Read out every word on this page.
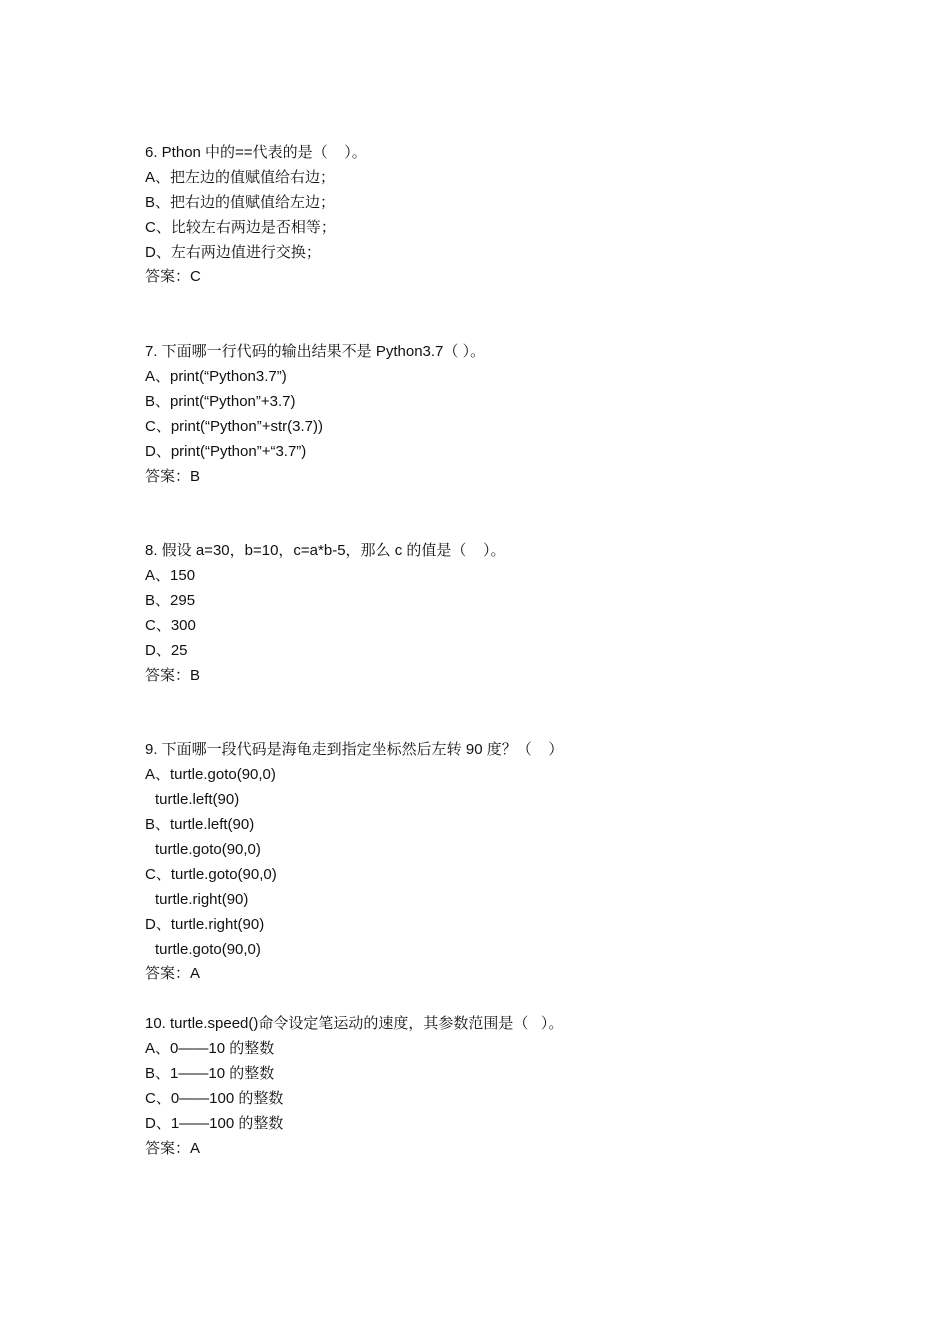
6. Pthon 中的==代表的是（    ）。
A、把左边的值赋值给右边；
B、把右边的值赋值给左边；
C、比较左右两边是否相等；
D、左右两边值进行交换；
答案：C
7. 下面哪一行代码的输出结果不是 Python3.7（ ）。
A、print(“Python3.7”)
B、print(“Python”+3.7)
C、print(“Python”+str(3.7))
D、print(“Python”+“3.7”)
答案：B
8. 假设 a=30，b=10，c=a*b-5，那么 c 的值是（    ）。
A、150
B、295
C、300
D、25
答案：B
9. 下面哪一段代码是海龟走到指定坐标然后左转 90 度？（    ）
A、turtle.goto(90,0)
turtle.left(90)
B、turtle.left(90)
turtle.goto(90,0)
C、turtle.goto(90,0)
turtle.right(90)
D、turtle.right(90)
turtle.goto(90,0)
答案：A
10. turtle.speed()命令设定笔运动的速度，其参数范围是（   ）。
A、0——10 的整数
B、1——10 的整数
C、0——100 的整数
D、1——100 的整数
答案：A
